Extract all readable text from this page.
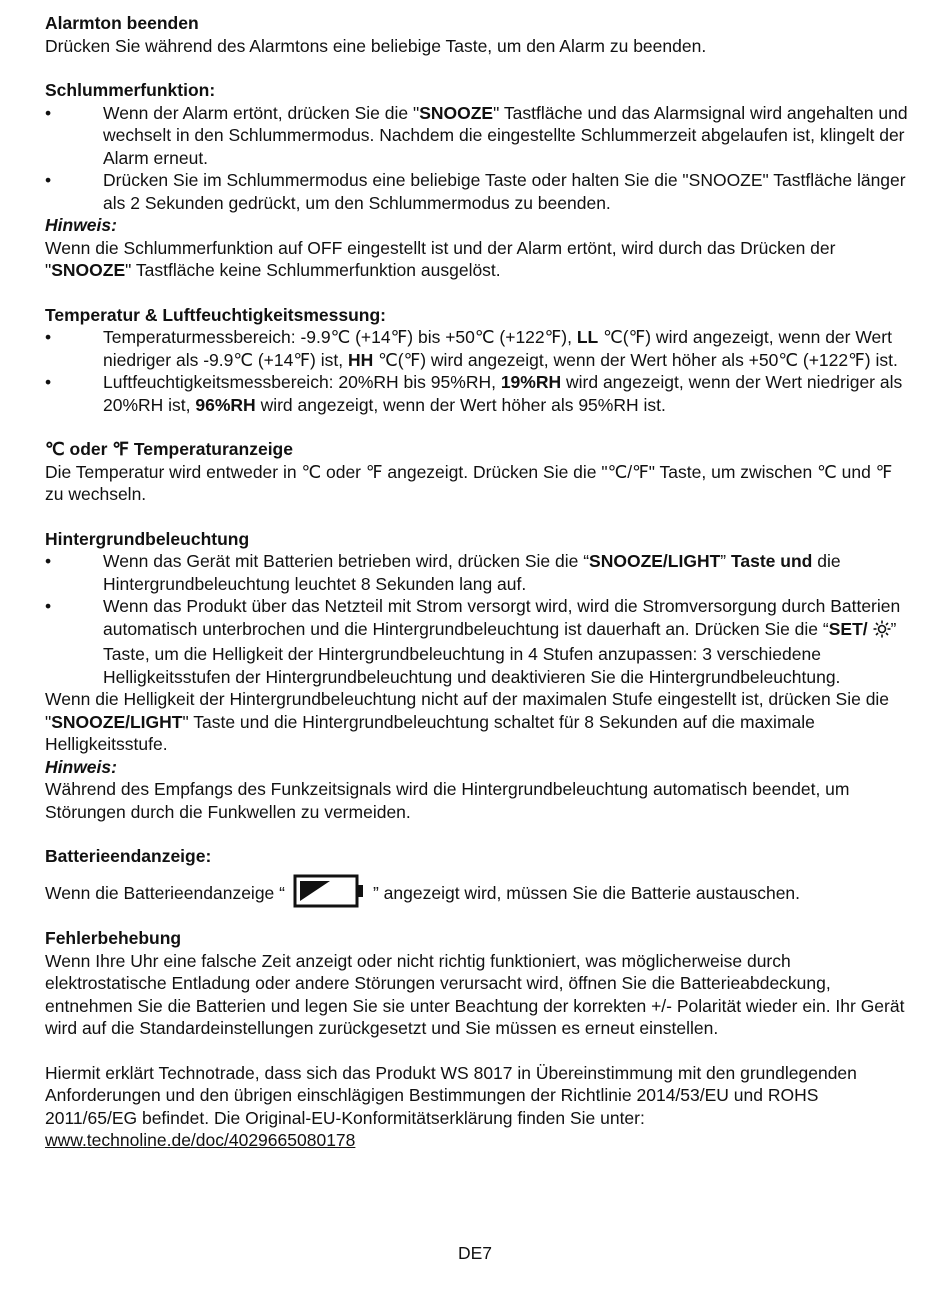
Alarmton beenden

Drücken Sie während des Alarmtons eine beliebige Taste, um den Alarm zu beenden.

Schlummerfunktion:
•	Wenn der Alarm ertönt, drücken Sie die "SNOOZE" Tastfläche und das Alarmsignal wird angehalten und wechselt in den Schlummermodus. Nachdem die eingestellte Schlummerzeit abgelaufen ist, klingelt der Alarm erneut.
•	Drücken Sie im Schlummermodus eine beliebige Taste oder halten Sie die "SNOOZE" Tastfläche länger als 2 Sekunden gedrückt, um den Schlummermodus zu beenden.

Hinweis:

Wenn die Schlummerfunktion auf OFF eingestellt ist und der Alarm ertönt, wird durch das Drücken der "SNOOZE" Tastfläche keine Schlummerfunktion ausgelöst.

Temperatur & Luftfeuchtigkeitsmessung:
•	Temperaturmessbereich: -9.9℃ (+14℉) bis +50℃ (+122℉), LL ℃(℉) wird angezeigt, wenn der Wert niedriger als -9.9℃ (+14℉) ist, HH ℃(℉) wird angezeigt, wenn der Wert höher als +50℃ (+122℉) ist.
•	Luftfeuchtigkeitsmessbereich: 20%RH bis 95%RH, 19%RH wird angezeigt, wenn der Wert niedriger als 20%RH ist, 96%RH wird angezeigt, wenn der Wert höher als 95%RH ist.
℃ oder ℉ Temperaturanzeige

Die Temperatur wird entweder in ℃ oder ℉ angezeigt. Drücken Sie die "℃/℉" Taste, um zwischen ℃ und ℉ zu wechseln.

Hintergrundbeleuchtung
•	Wenn das Gerät mit Batterien betrieben wird, drücken Sie die “SNOOZE/LIGHT” Taste und die Hintergrundbeleuchtung leuchtet 8 Sekunden lang auf.
•	Wenn das Produkt über das Netzteil mit Strom versorgt wird, wird die Stromversorgung durch Batterien automatisch unterbrochen und die Hintergrundbeleuchtung ist dauerhaft an. Drücken Sie die “SET/ ” Taste, um die Helligkeit der Hintergrundbeleuchtung in 4 Stufen anzupassen: 3 verschiedene Helligkeitsstufen der Hintergrundbeleuchtung und deaktivieren Sie die Hintergrundbeleuchtung.

Wenn die Helligkeit der Hintergrundbeleuchtung nicht auf der maximalen Stufe eingestellt ist, drücken Sie die "SNOOZE/LIGHT" Taste und die Hintergrundbeleuchtung schaltet für 8 Sekunden auf die maximale Helligkeitsstufe.

Hinweis:

Während des Empfangs des Funkzeitsignals wird die Hintergrundbeleuchtung automatisch beendet, um Störungen durch die Funkwellen zu vermeiden.

Batterieendanzeige:
Wenn die Batterieendanzeige “	” angezeigt wird, müssen Sie die Batterie austauschen.
Fehlerbehebung

Wenn Ihre Uhr eine falsche Zeit anzeigt oder nicht richtig funktioniert, was möglicherweise durch elektrostatische Entladung oder andere Störungen verursacht wird, öffnen Sie die Batterieabdeckung, entnehmen Sie die Batterien und legen Sie sie unter Beachtung der korrekten +/- Polarität wieder ein. Ihr Gerät wird auf die Standardeinstellungen zurückgesetzt und Sie müssen es erneut einstellen.

Hiermit erklärt Technotrade, dass sich das Produkt WS 8017 in Übereinstimmung mit den grundlegenden Anforderungen und den übrigen einschlägigen Bestimmungen der Richtlinie 2014/53/EU und ROHS 2011/65/EG befindet. Die Original-EU-Konformitätserklärung finden Sie unter: www.technoline.de/doc/4029665080178

DE7
